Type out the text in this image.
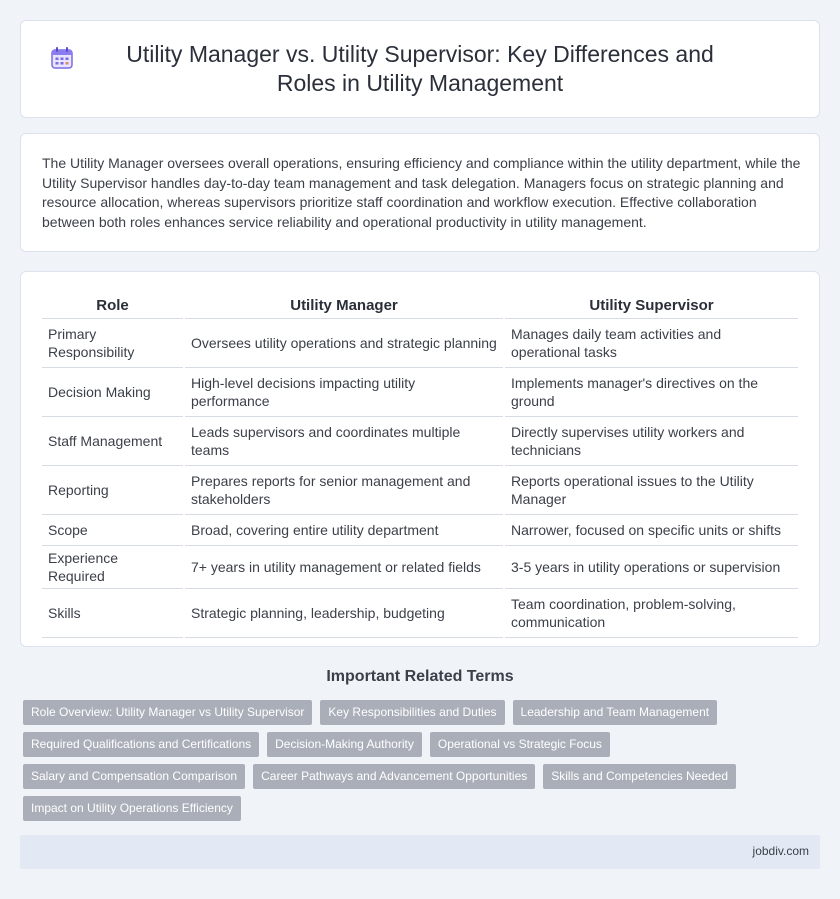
Utility Manager vs. Utility Supervisor: Key Differences and Roles in Utility Management

The Utility Manager oversees overall operations, ensuring efficiency and compliance within the utility department, while the Utility Supervisor handles day-to-day team management and task delegation. Managers focus on strategic planning and resource allocation, whereas supervisors prioritize staff coordination and workflow execution. Effective collaboration between both roles enhances service reliability and operational productivity in utility management.

Role	Utility Manager	Utility Supervisor
Primary Responsibility	Oversees utility operations and strategic planning	Manages daily team activities and operational tasks
Decision Making	High-level decisions impacting utility performance	Implements manager's directives on the ground
Staff Management	Leads supervisors and coordinates multiple teams	Directly supervises utility workers and technicians
Reporting	Prepares reports for senior management and stakeholders	Reports operational issues to the Utility Manager
Scope	Broad, covering entire utility department	Narrower, focused on specific units or shifts
Experience Required	7+ years in utility management or related fields	3-5 years in utility operations or supervision
Skills	Strategic planning, leadership, budgeting	Team coordination, problem-solving, communication
Important Related Terms
Role Overview: Utility Manager vs Utility Supervisor	Key Responsibilities and Duties	Leadership and Team Management
Required Qualifications and Certifications	Decision-Making Authority	Operational vs Strategic Focus
Salary and Compensation Comparison	Career Pathways and Advancement Opportunities	Skills and Competencies Needed
Impact on Utility Operations Efficiency
jobdiv.com
